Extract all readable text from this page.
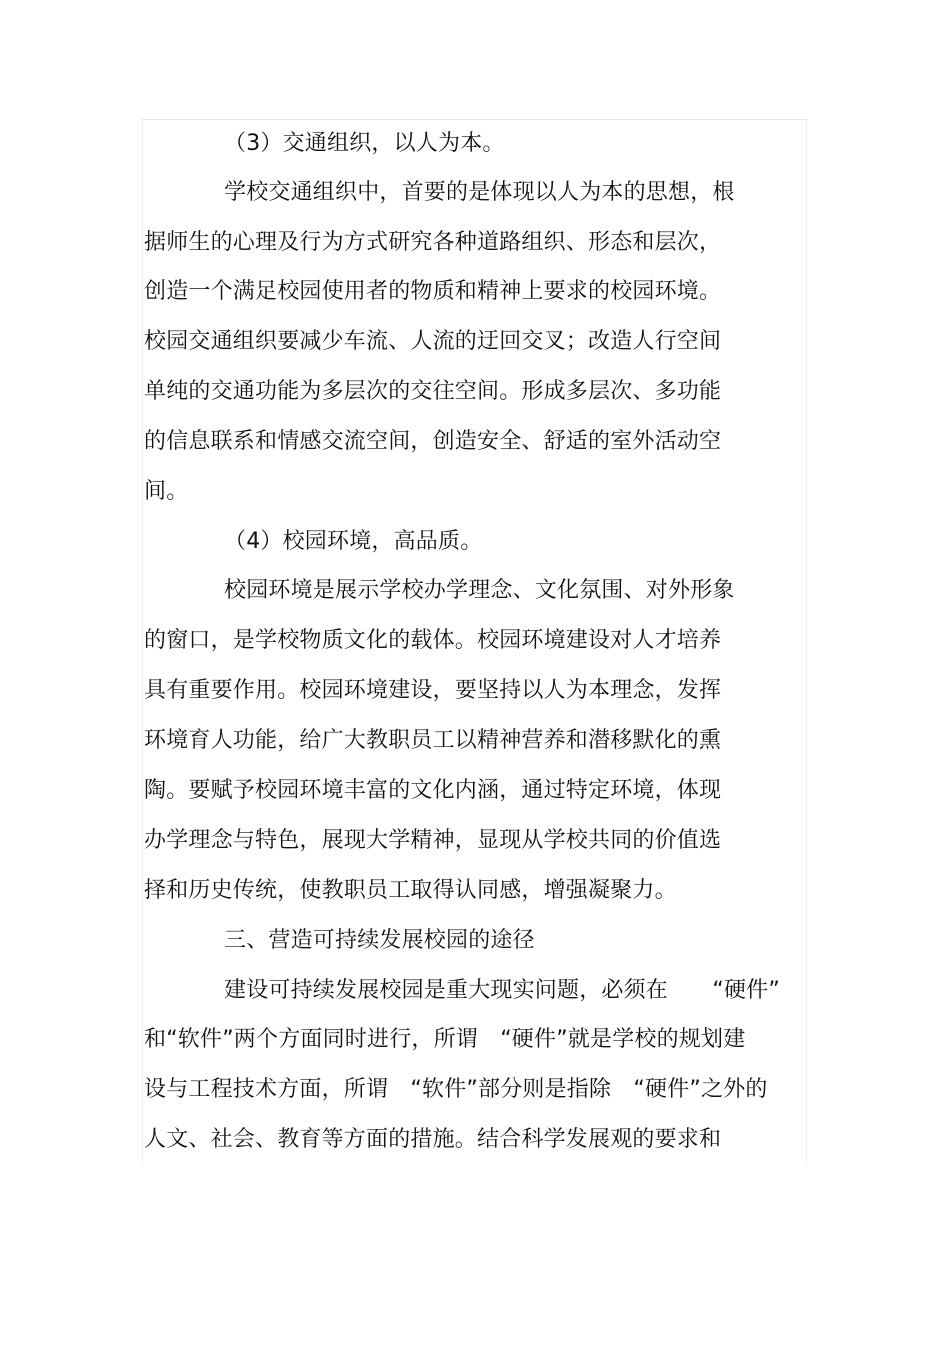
（3）交通组织，以人为本。
学校交通组织中，首要的是体现以人为本的思想，根
据师生的心理及行为方式研究各种道路组织、形态和层次，
创造一个满足校园使用者的物质和精神上要求的校园环境。
校园交通组织要减少车流、人流的迂回交叉；改造人行空间
单纯的交通功能为多层次的交往空间。形成多层次、多功能
的信息联系和情感交流空间，创造安全、舒适的室外活动空
间。
（4）校园环境，高品质。
校园环境是展示学校办学理念、文化氛围、对外形象
的窗口，是学校物质文化的载体。校园环境建设对人才培养
具有重要作用。校园环境建设，要坚持以人为本理念，发挥
环境育人功能，给广大教职员工以精神营养和潜移默化的熏
陶。要赋予校园环境丰富的文化内涵，通过特定环境，体现
办学理念与特色，展现大学精神，显现从学校共同的价值选
择和历史传统，使教职员工取得认同感，增强凝聚力。
三、营造可持续发展校园的途径
建设可持续发展校园是重大现实问题，必须在　　“硬件”
和“软件”两个方面同时进行，所谓　“硬件”就是学校的规划建
设与工程技术方面，所谓　“软件”部分则是指除　“硬件”之外的
人文、社会、教育等方面的措施。结合科学发展观的要求和
